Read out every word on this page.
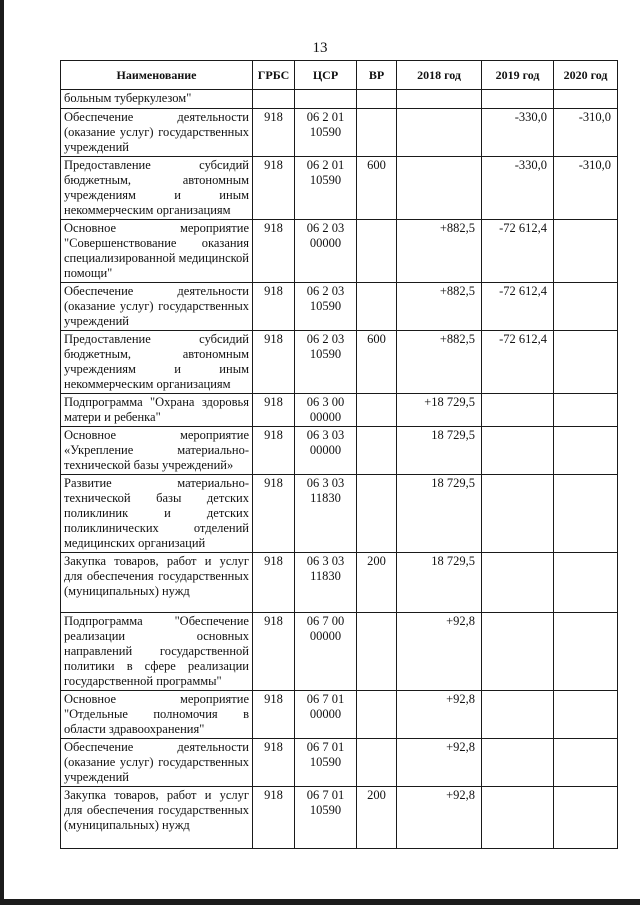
13
Наименование	ГРБС	ЦСР	ВР	2018 год	2019 год	2020 год
больным туберкулезом"						
Обеспечение деятельности (оказание услуг) государственных учреждений	918	06 2 01 10590			-330,0	-310,0
Предоставление субсидий бюджетным, автономным учреждениям и иным некоммерческим организациям	918	06 2 01 10590	600		-330,0	-310,0
Основное мероприятие "Совершенствование оказания специализированной медицинской помощи"	918	06 2 03 00000		+882,5	-72 612,4	
Обеспечение деятельности (оказание услуг) государственных учреждений	918	06 2 03 10590		+882,5	-72 612,4	
Предоставление субсидий бюджетным, автономным учреждениям и иным некоммерческим организациям	918	06 2 03 10590	600	+882,5	-72 612,4	
Подпрограмма "Охрана здоровья матери и ребенка"	918	06 3 00 00000		+18 729,5		
Основное мероприятие «Укрепление материально-технической базы учреждений»	918	06 3 03 00000		18 729,5		
Развитие материально-технической базы детских поликлиник и детских поликлинических отделений медицинских организаций	918	06 3 03 11830		18 729,5		
Закупка товаров, работ и услуг для обеспечения государственных (муниципальных) нужд	918	06 3 03 11830	200	18 729,5		
Подпрограмма "Обеспечение реализации основных направлений государственной политики в сфере реализации государственной программы"	918	06 7 00 00000		+92,8		
Основное мероприятие "Отдельные полномочия в области здравоохранения"	918	06 7 01 00000		+92,8		
Обеспечение деятельности (оказание услуг) государственных учреждений	918	06 7 01 10590		+92,8		
Закупка товаров, работ и услуг для обеспечения государственных (муниципальных) нужд	918	06 7 01 10590	200	+92,8		
